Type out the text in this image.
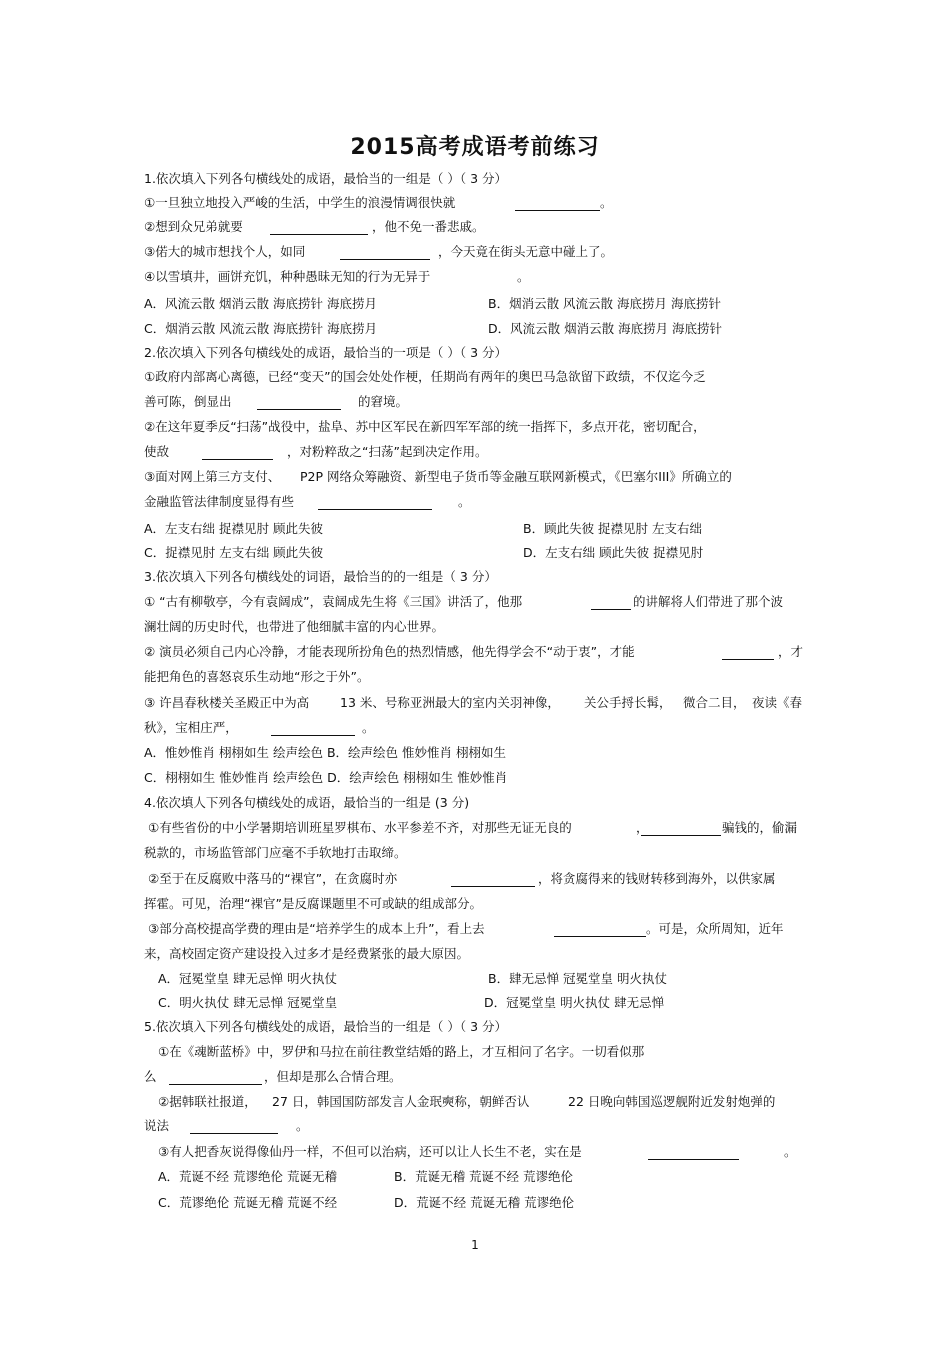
2015高考成语考前练习
1.依次填入下列各句横线处的成语，最恰当的一组是（ ）（ 3 分）
①一旦独立地投入严峻的生活，中学生的浪漫情调很快就	。
②想到众兄弟就要	，他不免一番悲戚。
③偌大的城市想找个人，如同	，今天竟在街头无意中碰上了。
④以雪填井，画饼充饥，种种愚昧无知的行为无异于	。
A．风流云散 烟消云散 海底捞针 海底捞月	B．烟消云散 风流云散 海底捞月 海底捞针
C．烟消云散 风流云散 海底捞针 海底捞月	D．风流云散 烟消云散 海底捞月 海底捞针
2.依次填入下列各句横线处的成语，最恰当的一项是（ ）（ 3 分）
①政府内部离心离德，已经“变天”的国会处处作梗，任期尚有两年的奥巴马急欲留下政绩，不仅迄今乏
善可陈，倒显出	的窘境。
②在这年夏季反“扫荡”战役中，盐阜、苏中区军民在新四军军部的统一指挥下，多点开花，密切配合，
使敌	，对粉粹敌之“扫荡”起到决定作用。
③面对网上第三方支付、 P2P 网络众筹融资、新型电子货币等金融互联网新模式，《巴塞尔III》所确立的
金融监管法律制度显得有些	。
A．左支右绌 捉襟见肘 顾此失彼	B．顾此失彼 捉襟见肘 左支右绌
C．捉襟见肘 左支右绌 顾此失彼	D．左支右绌 顾此失彼 捉襟见肘
3.依次填入下列各句横线处的词语，最恰当的的一组是（ 3 分）
① “古有柳敬亭，今有袁阔成”，袁阔成先生将《三国》讲活了，他那	的讲解将人们带进了那个波
澜壮阔的历史时代，也带进了他细腻丰富的内心世界。
② 演员必须自己内心冷静，才能表现所扮角色的热烈情感，他先得学会不“动于衷”，才能	，才
能把角色的喜怒哀乐生动地“形之于外”。
③ 许昌春秋楼关圣殿正中为高 13 米、号称亚洲最大的室内关羽神像， 关公手捋长髯， 微合二目， 夜读《春
秋》，宝相庄严，	。
A．惟妙惟肖 栩栩如生 绘声绘色 B．绘声绘色 惟妙惟肖 栩栩如生
C．栩栩如生 惟妙惟肖 绘声绘色 D．绘声绘色 栩栩如生 惟妙惟肖
4.依次填人下列各句横线处的成语，最恰当的一组是 (3 分)
①有些省份的中小学暑期培训班星罗棋布、水平参差不齐，对那些无证无良的	，	骗钱的，偷漏
税款的，市场监管部门应毫不手软地打击取缔。
②至于在反腐败中落马的“裸官”，在贪腐时亦	，将贪腐得来的钱财转移到海外，以供家属
挥霍。可见，治理“裸官”是反腐课题里不可或缺的组成部分。
③部分高校提高学费的理由是“培养学生的成本上升”，看上去	。可是，众所周知，近年
来，高校固定资产建设投入过多才是经费紧张的最大原因。
A．冠冕堂皇 肆无忌惮 明火执仗	B．肆无忌惮 冠冕堂皇 明火执仗
C．明火执仗 肆无忌惮 冠冕堂皇	D．冠冕堂皇 明火执仗 肆无忌惮
5.依次填入下列各句横线处的成语，最恰当的一组是（ ）（ 3 分）
①在《魂断蓝桥》中，罗伊和马拉在前往教堂结婚的路上，才互相问了名字。一切看似那
么	，但却是那么合情合理。
②据韩联社报道， 27 日，韩国国防部发言人金珉奭称，朝鲜否认	22 日晚向韩国巡逻舰附近发射炮弹的
说法	。
③有人把香灰说得像仙丹一样，不但可以治病，还可以让人长生不老，实在是	。
A．荒诞不经 荒谬绝伦 荒诞无稽	B．荒诞无稽 荒诞不经 荒谬绝伦
C．荒谬绝伦 荒诞无稽 荒诞不经	D．荒诞不经 荒诞无稽 荒谬绝伦
1
